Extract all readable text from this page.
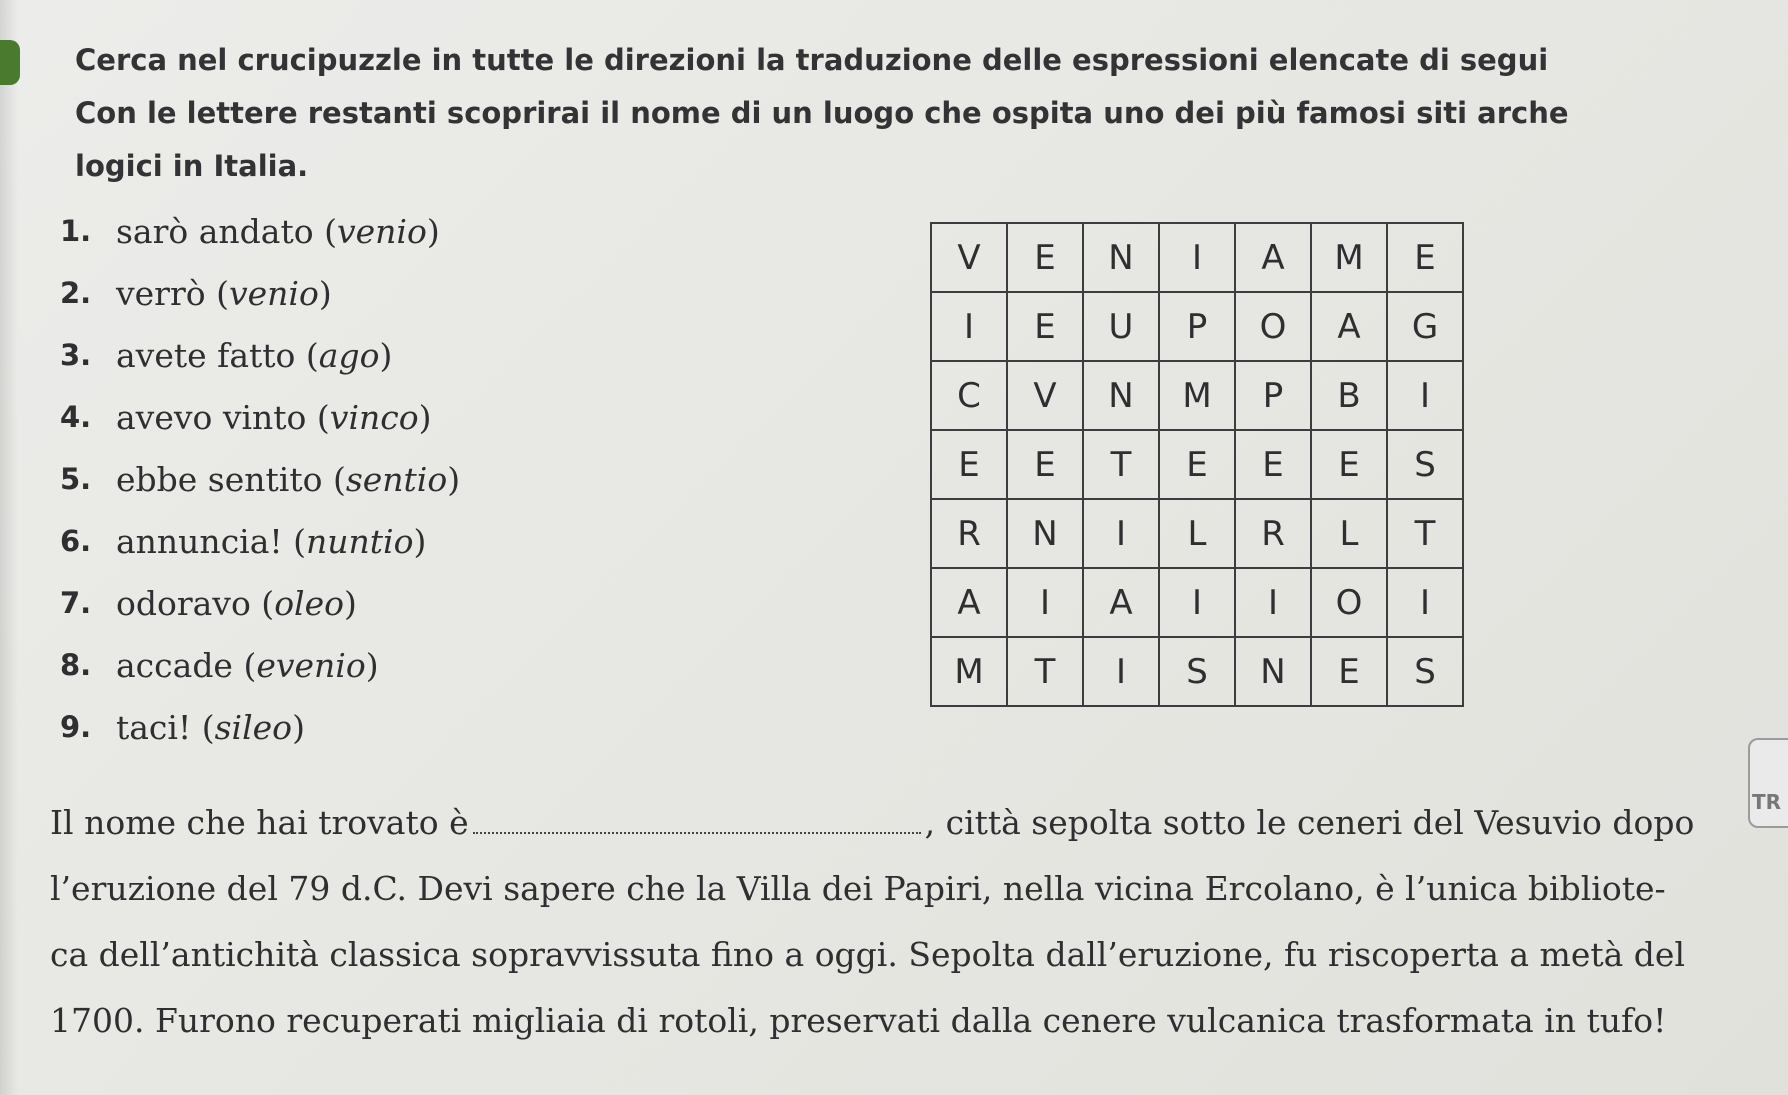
Cerca nel crucipuzzle in tutte le direzioni la traduzione delle espressioni elencate di segui
Con le lettere restanti scoprirai il nome di un luogo che ospita uno dei più famosi siti arche
logici in Italia.
1. sarò andato ( venio )
2. verrò ( venio )
3. avete fatto ( ago )
4. avevo vinto ( vinco )
5. ebbe sentito ( sentio )
6. annuncia! ( nuntio )
7. odoravo ( oleo )
8. accade ( evenio )
9. taci! ( sileo )
V	E	N	I	A	M	E
I	E	U	P	O	A	G
C	V	N	M	P	B	I
E	E	T	E	E	E	S
R	N	I	L	R	L	T
A	I	A	I	I	O	I
M	T	I	S	N	E	S
Il nome che hai trovato è	, città sepolta sotto le ceneri del Vesuvio dopo
l’eruzione del 79 d.C. Devi sapere che la Villa dei Papiri, nella vicina Ercolano, è l’unica bibliote-
ca dell’antichità classica sopravvissuta fino a oggi. Sepolta dall’eruzione, fu riscoperta a metà del
1700. Furono recuperati migliaia di rotoli, preservati dalla cenere vulcanica trasformata in tufo!
TR
